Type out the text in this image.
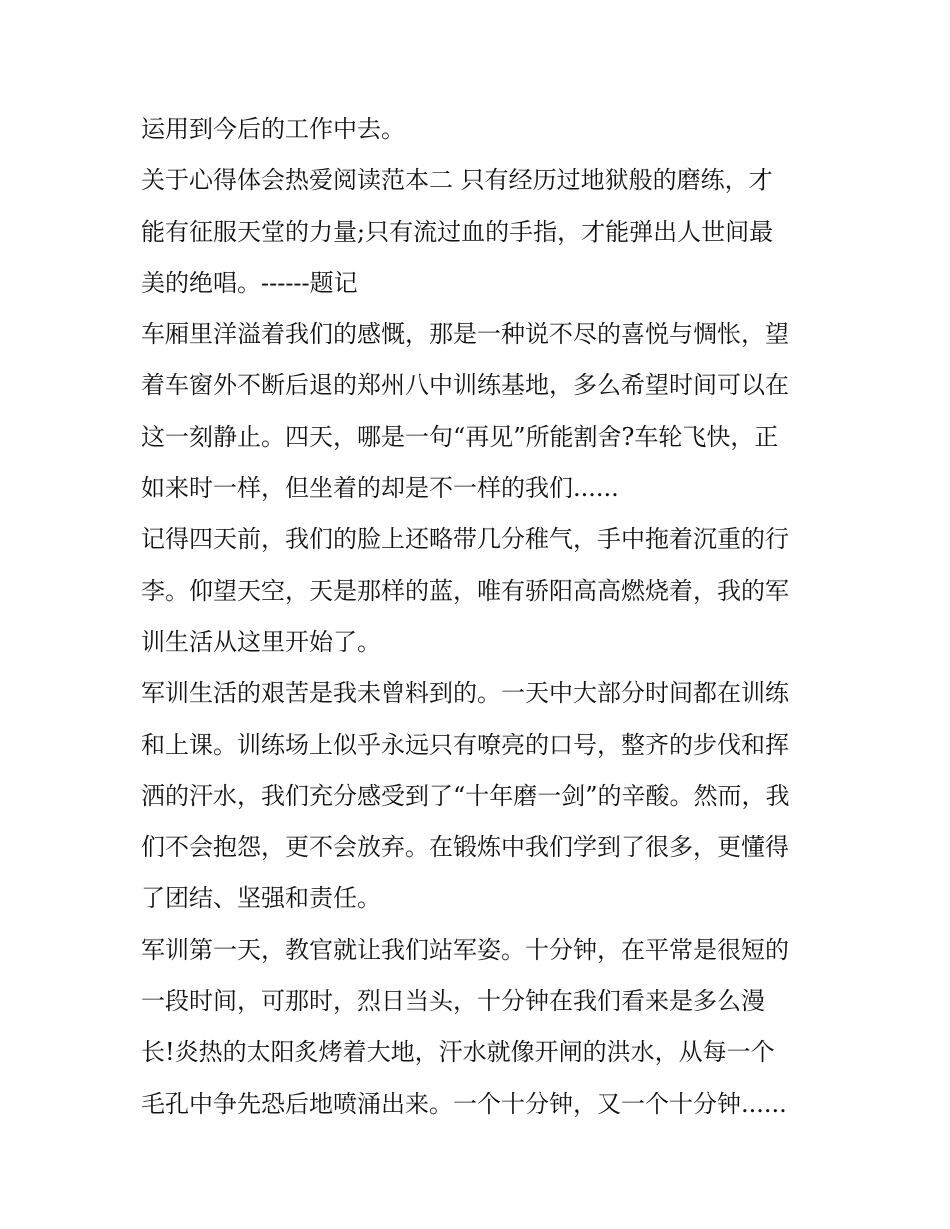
运用到今后的工作中去。
关于心得体会热爱阅读范本二 只有经历过地狱般的磨练，才
能有征服天堂的力量;只有流过血的手指，才能弹出人世间最
美的绝唱。------题记
车厢里洋溢着我们的感慨，那是一种说不尽的喜悦与惆怅，望
着车窗外不断后退的郑州八中训练基地，多么希望时间可以在
这一刻静止。四天，哪是一句“再见”所能割舍?车轮飞快，正
如来时一样，但坐着的却是不一样的我们......
记得四天前，我们的脸上还略带几分稚气，手中拖着沉重的行
李。仰望天空，天是那样的蓝，唯有骄阳高高燃烧着，我的军
训生活从这里开始了。
军训生活的艰苦是我未曾料到的。一天中大部分时间都在训练
和上课。训练场上似乎永远只有嘹亮的口号，整齐的步伐和挥
洒的汗水，我们充分感受到了“十年磨一剑”的辛酸。然而，我
们不会抱怨，更不会放弃。在锻炼中我们学到了很多，更懂得
了团结、坚强和责任。
军训第一天，教官就让我们站军姿。十分钟，在平常是很短的
一段时间，可那时，烈日当头，十分钟在我们看来是多么漫
长!炎热的太阳炙烤着大地，汗水就像开闸的洪水，从每一个
毛孔中争先恐后地喷涌出来。一个十分钟，又一个十分钟......
